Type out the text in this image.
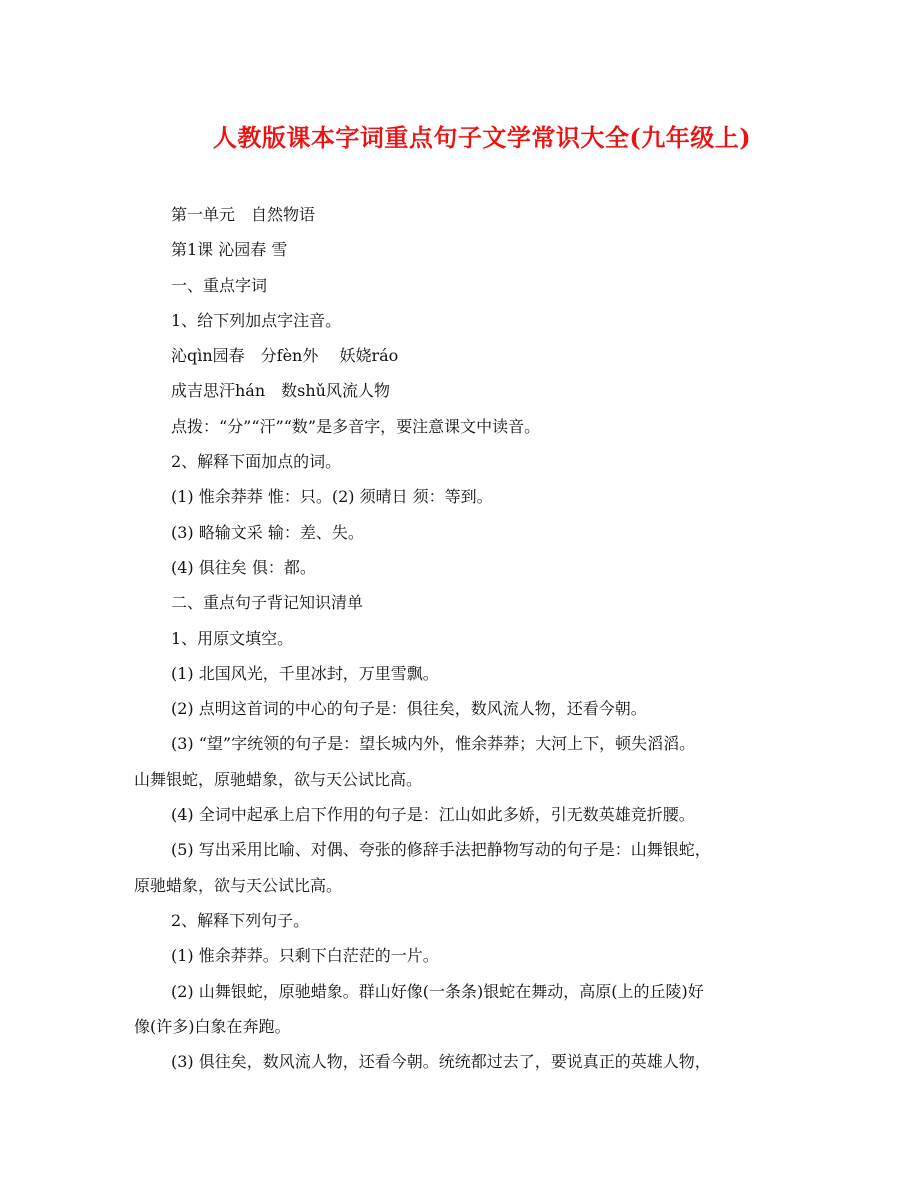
人教版课本字词重点句子文学常识大全(九年级上)
第一单元　自然物语
第1课 沁园春 雪
一、重点字词
1、给下列加点字注音。
沁qìn园春　分fèn外　 妖娆ráo
成吉思汗hán　数shǔ风流人物
点拨：“分”“汗”“数”是多音字，要注意课文中读音。
2、解释下面加点的词。
(1) 惟余莽莽 惟：只。(2) 须晴日 须：等到。
(3) 略输文采 输：差、失。
(4) 俱往矣 俱：都。
二、重点句子背记知识清单
1、用原文填空。
(1) 北国风光，千里冰封，万里雪飘。
(2) 点明这首词的中心的句子是：俱往矣，数风流人物，还看今朝。
(3) “望”字统领的句子是：望长城内外，惟余莽莽；大河上下，顿失滔滔。
山舞银蛇，原驰蜡象，欲与天公试比高。
(4) 全词中起承上启下作用的句子是：江山如此多娇，引无数英雄竞折腰。
(5) 写出采用比喻、对偶、夸张的修辞手法把静物写动的句子是：山舞银蛇，
原驰蜡象，欲与天公试比高。
2、解释下列句子。
(1) 惟余莽莽。只剩下白茫茫的一片。
(2) 山舞银蛇，原驰蜡象。群山好像(一条条)银蛇在舞动，高原(上的丘陵)好
像(许多)白象在奔跑。
(3) 俱往矣，数风流人物，还看今朝。统统都过去了，要说真正的英雄人物，
